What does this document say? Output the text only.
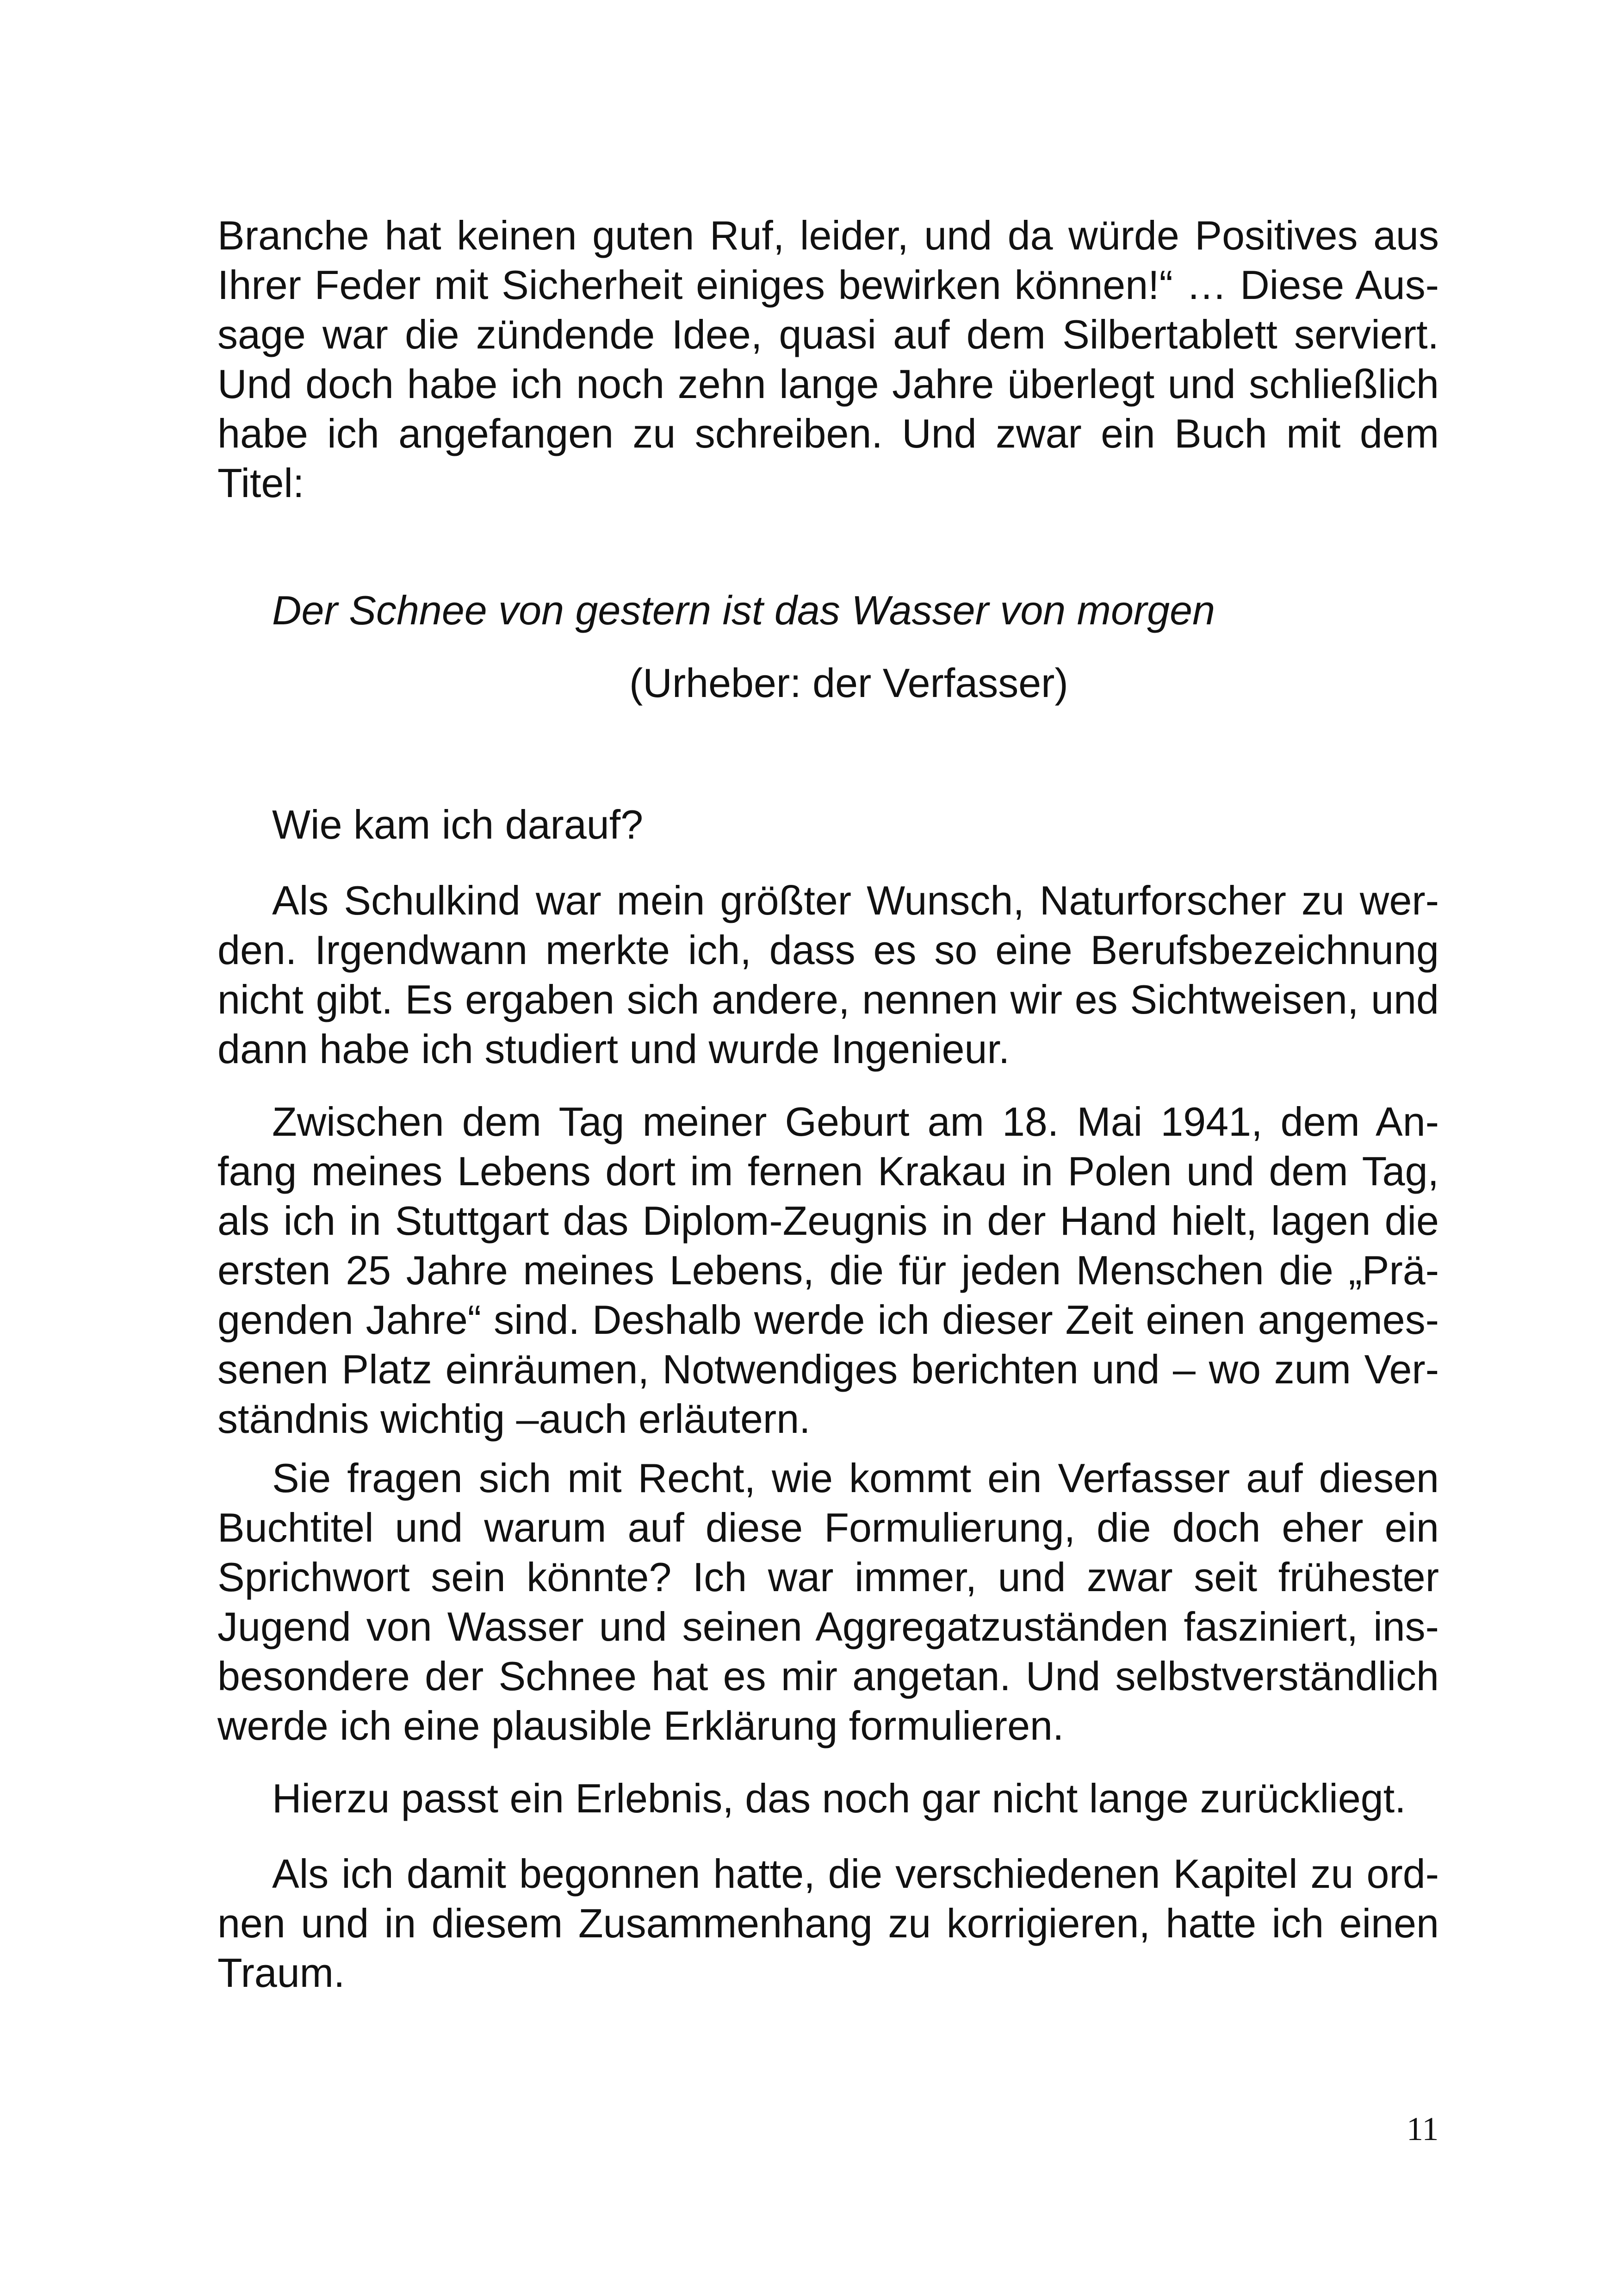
Branche hat keinen guten Ruf, leider, und da würde Positives aus
Ihrer Feder mit Sicherheit einiges bewirken können!“ … Diese Aus-
sage war die zündende Idee, quasi auf dem Silbertablett serviert.
Und doch habe ich noch zehn lange Jahre überlegt und schließlich
habe ich angefangen zu schreiben. Und zwar ein Buch mit dem
Titel:
Der Schnee von gestern ist das Wasser von morgen
(Urheber: der Verfasser)
Wie kam ich darauf?
Als Schulkind war mein größter Wunsch, Naturforscher zu wer-
den. Irgendwann merkte ich, dass es so eine Berufsbezeichnung
nicht gibt. Es ergaben sich andere, nennen wir es Sichtweisen, und
dann habe ich studiert und wurde Ingenieur.
Zwischen dem Tag meiner Geburt am 18. Mai 1941, dem An-
fang meines Lebens dort im fernen Krakau in Polen und dem Tag,
als ich in Stuttgart das Diplom-Zeugnis in der Hand hielt, lagen die
ersten 25 Jahre meines Lebens, die für jeden Menschen die „Prä-
genden Jahre“ sind. Deshalb werde ich dieser Zeit einen angemes-
senen Platz einräumen, Notwendiges berichten und – wo zum Ver-
ständnis wichtig –auch erläutern.
Sie fragen sich mit Recht, wie kommt ein Verfasser auf diesen
Buchtitel und warum auf diese Formulierung, die doch eher ein
Sprichwort sein könnte? Ich war immer, und zwar seit frühester
Jugend von Wasser und seinen Aggregatzuständen fasziniert, ins-
besondere der Schnee hat es mir angetan. Und selbstverständlich
werde ich eine plausible Erklärung formulieren.
Hierzu passt ein Erlebnis, das noch gar nicht lange zurückliegt.
Als ich damit begonnen hatte, die verschiedenen Kapitel zu ord-
nen und in diesem Zusammenhang zu korrigieren, hatte ich einen
Traum.
11
